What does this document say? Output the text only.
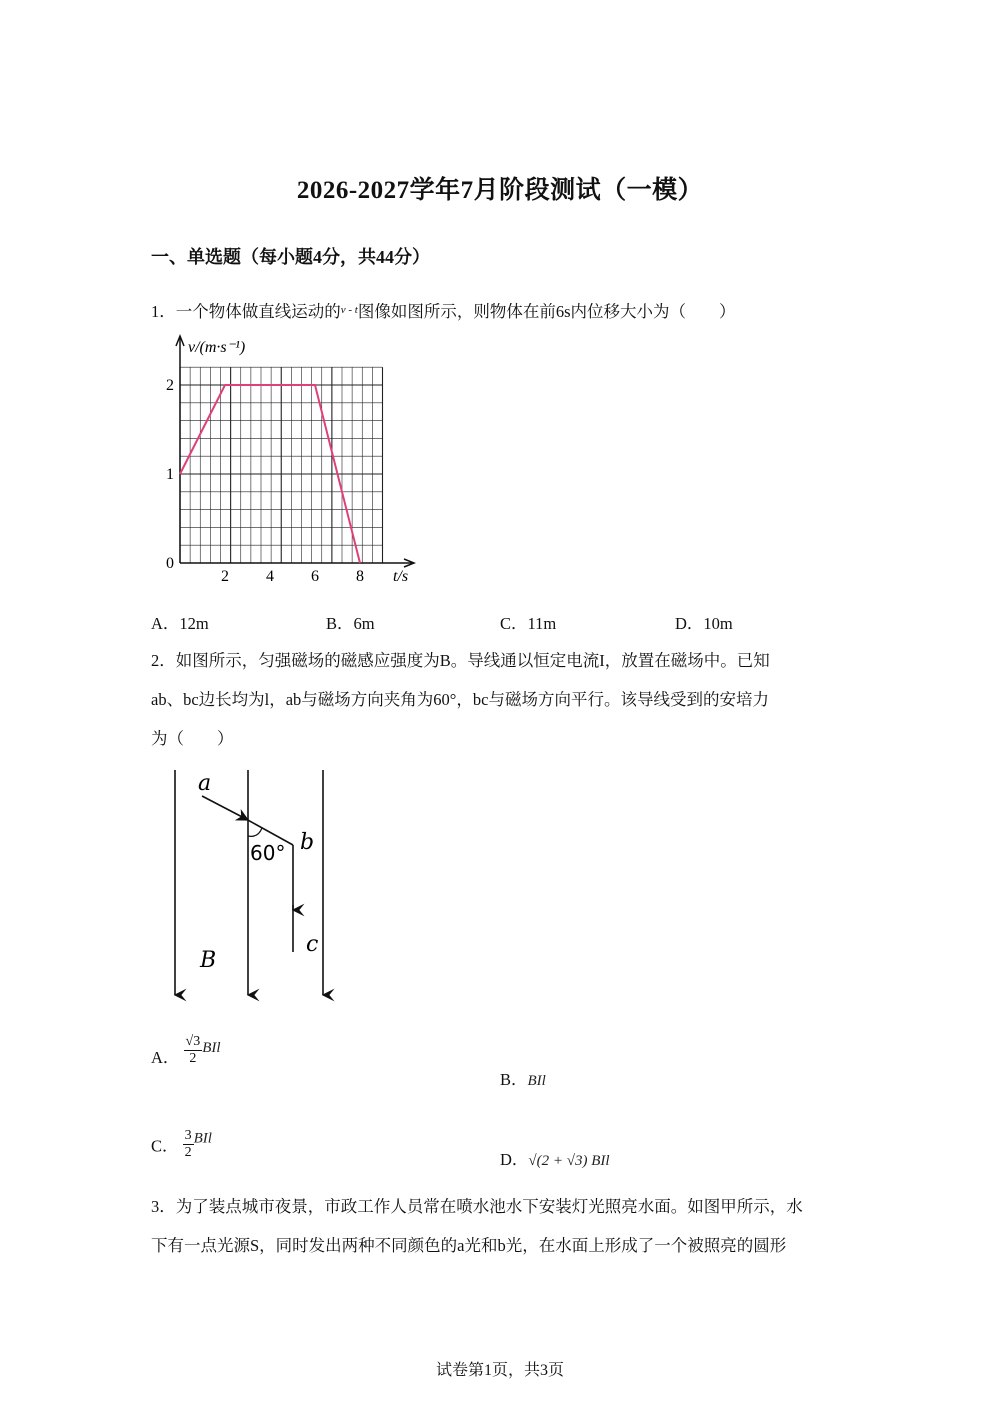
2026-2027学年7月阶段测试（一模）
一、单选题（每小题4分，共44分）
1．一个物体做直线运动的$^{v - t}$图像如图所示，则物体在前6s内位移大小为（　　）
2 4 6 8
0
1
2
v/(m·s⁻¹)
t/s
A．12m	B．6m	C．11m	D．10m
2．如图所示，匀强磁场的磁感应强度为B。导线通以恒定电流I，放置在磁场中。已知
ab、bc边长均为l，ab与磁场方向夹角为60°，bc与磁场方向平行。该导线受到的安培力
为（　　）
a
b
c
B
60°
A． $\frac{√3}{2}$ BIl
B．BIl
C． $\frac{3}{2}$ BIl
D．√(2 + √3) BIl
3．为了装点城市夜景，市政工作人员常在喷水池水下安装灯光照亮水面。如图甲所示，水
下有一点光源S，同时发出两种不同颜色的a光和b光，在水面上形成了一个被照亮的圆形
试卷第1页，共3页
